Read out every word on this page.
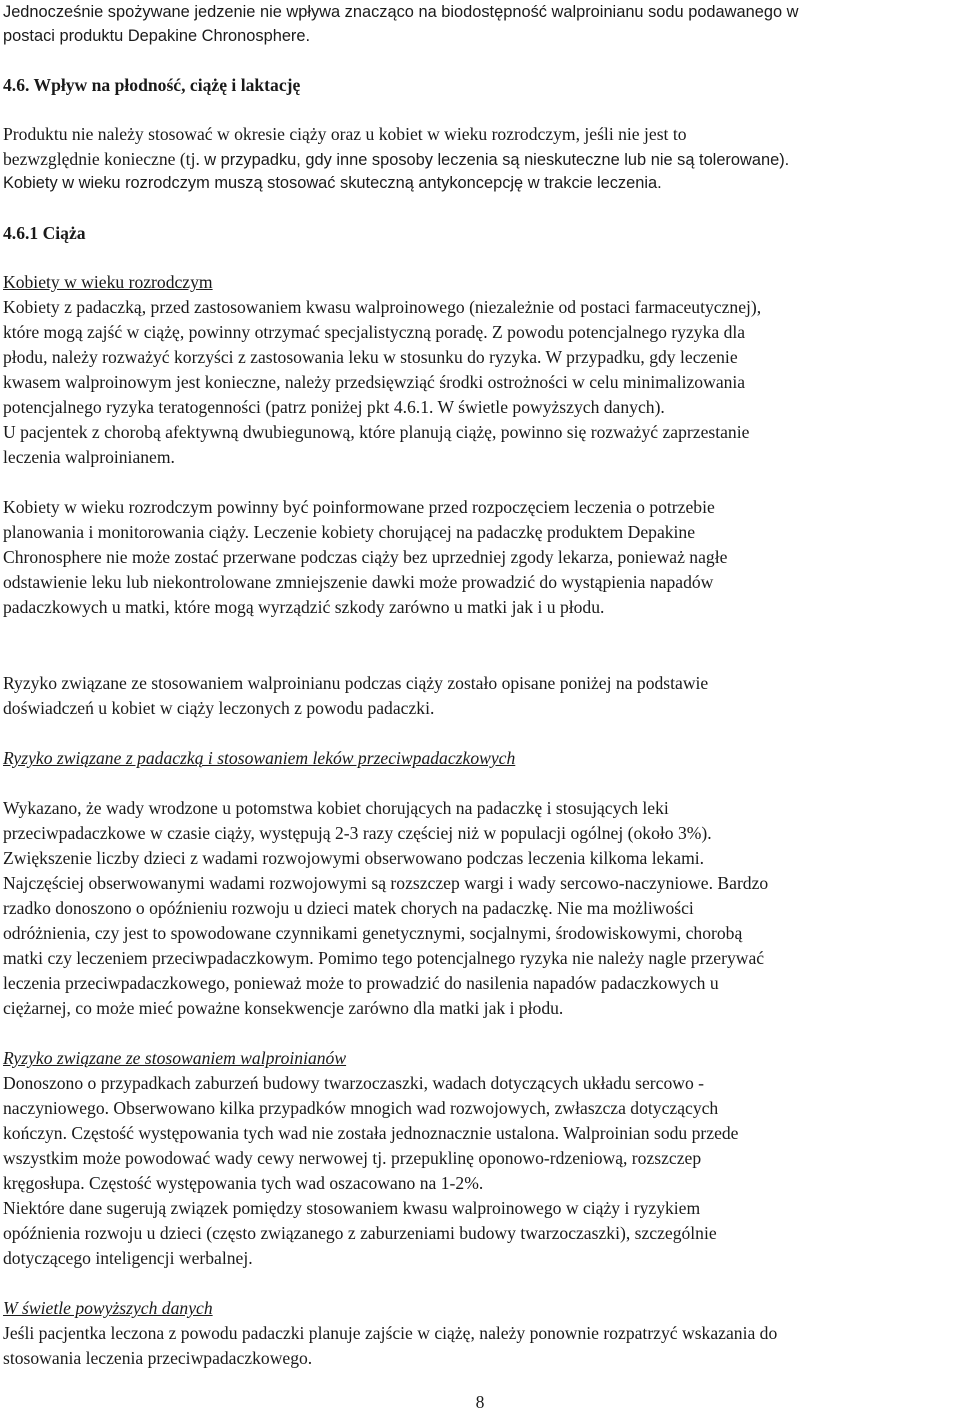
Jednocześnie spożywane jedzenie nie wpływa znacząco na biodostępność walproinianu sodu podawanego w
postaci produktu Depakine Chronosphere.
4.6. Wpływ na płodność, ciążę i laktację
Produktu nie należy stosować w okresie ciąży oraz u kobiet w wieku rozrodczym, jeśli nie jest to
bezwzględnie konieczne (tj. w przypadku, gdy inne sposoby leczenia są nieskuteczne lub nie są tolerowane).
Kobiety w wieku rozrodczym muszą stosować skuteczną antykoncepcję w trakcie leczenia.
4.6.1 Ciąża
Kobiety w wieku rozrodczym
Kobiety z padaczką, przed zastosowaniem kwasu walproinowego (niezależnie od postaci farmaceutycznej),
które mogą zajść w ciążę, powinny otrzymać specjalistyczną poradę. Z powodu potencjalnego ryzyka dla
płodu, należy rozważyć korzyści z zastosowania leku w stosunku do ryzyka. W przypadku, gdy leczenie
kwasem walproinowym jest konieczne, należy przedsięwziąć środki ostrożności w celu minimalizowania
potencjalnego ryzyka teratogenności (patrz poniżej pkt 4.6.1. W świetle powyższych danych).
U pacjentek z chorobą afektywną dwubiegunową, które planują ciążę, powinno się rozważyć zaprzestanie
leczenia walproinianem.
Kobiety w wieku rozrodczym powinny być poinformowane przed rozpoczęciem leczenia o potrzebie
planowania i monitorowania ciąży. Leczenie kobiety chorującej na padaczkę produktem Depakine
Chronosphere nie może zostać przerwane podczas ciąży bez uprzedniej zgody lekarza, ponieważ nagłe
odstawienie leku lub niekontrolowane zmniejszenie dawki może prowadzić do wystąpienia napadów
padaczkowych u matki, które mogą wyrządzić szkody zarówno u matki jak i u płodu.
Ryzyko związane ze stosowaniem walproinianu podczas ciąży zostało opisane poniżej na podstawie
doświadczeń u kobiet w ciąży leczonych z powodu padaczki.
Ryzyko związane z padaczką i stosowaniem leków przeciwpadaczkowych
Wykazano, że wady wrodzone u potomstwa kobiet chorujących na padaczkę i stosujących leki
przeciwpadaczkowe w czasie ciąży, występują 2-3 razy częściej niż w populacji ogólnej (około 3%).
Zwiększenie liczby dzieci z wadami rozwojowymi obserwowano podczas leczenia kilkoma lekami.
Najczęściej obserwowanymi wadami rozwojowymi są rozszczep wargi i wady sercowo-naczyniowe. Bardzo
rzadko donoszono o opóźnieniu rozwoju u dzieci matek chorych na padaczkę. Nie ma możliwości
odróżnienia, czy jest to spowodowane czynnikami genetycznymi, socjalnymi, środowiskowymi, chorobą
matki czy leczeniem przeciwpadaczkowym. Pomimo tego potencjalnego ryzyka nie należy nagle przerywać
leczenia przeciwpadaczkowego, ponieważ może to prowadzić do nasilenia napadów padaczkowych u
ciężarnej, co może mieć poważne konsekwencje zarówno dla matki jak i płodu.
Ryzyko związane ze stosowaniem walproinianów
Donoszono o przypadkach zaburzeń budowy twarzoczaszki, wadach dotyczących układu sercowo -
naczyniowego. Obserwowano kilka przypadków mnogich wad rozwojowych, zwłaszcza dotyczących
kończyn. Częstość występowania tych wad nie została jednoznacznie ustalona. Walproinian sodu przede
wszystkim może powodować wady cewy nerwowej tj. przepuklinę oponowo-rdzeniową, rozszczep
kręgosłupa. Częstość występowania tych wad oszacowano na 1-2%.
Niektóre dane sugerują związek pomiędzy stosowaniem kwasu walproinowego w ciąży i ryzykiem
opóźnienia rozwoju u dzieci (często związanego z zaburzeniami budowy twarzoczaszki), szczególnie
dotyczącego inteligencji werbalnej.
W świetle powyższych danych
Jeśli pacjentka leczona z powodu padaczki planuje zajście w ciążę, należy ponownie rozpatrzyć wskazania do
stosowania leczenia przeciwpadaczkowego.
8
